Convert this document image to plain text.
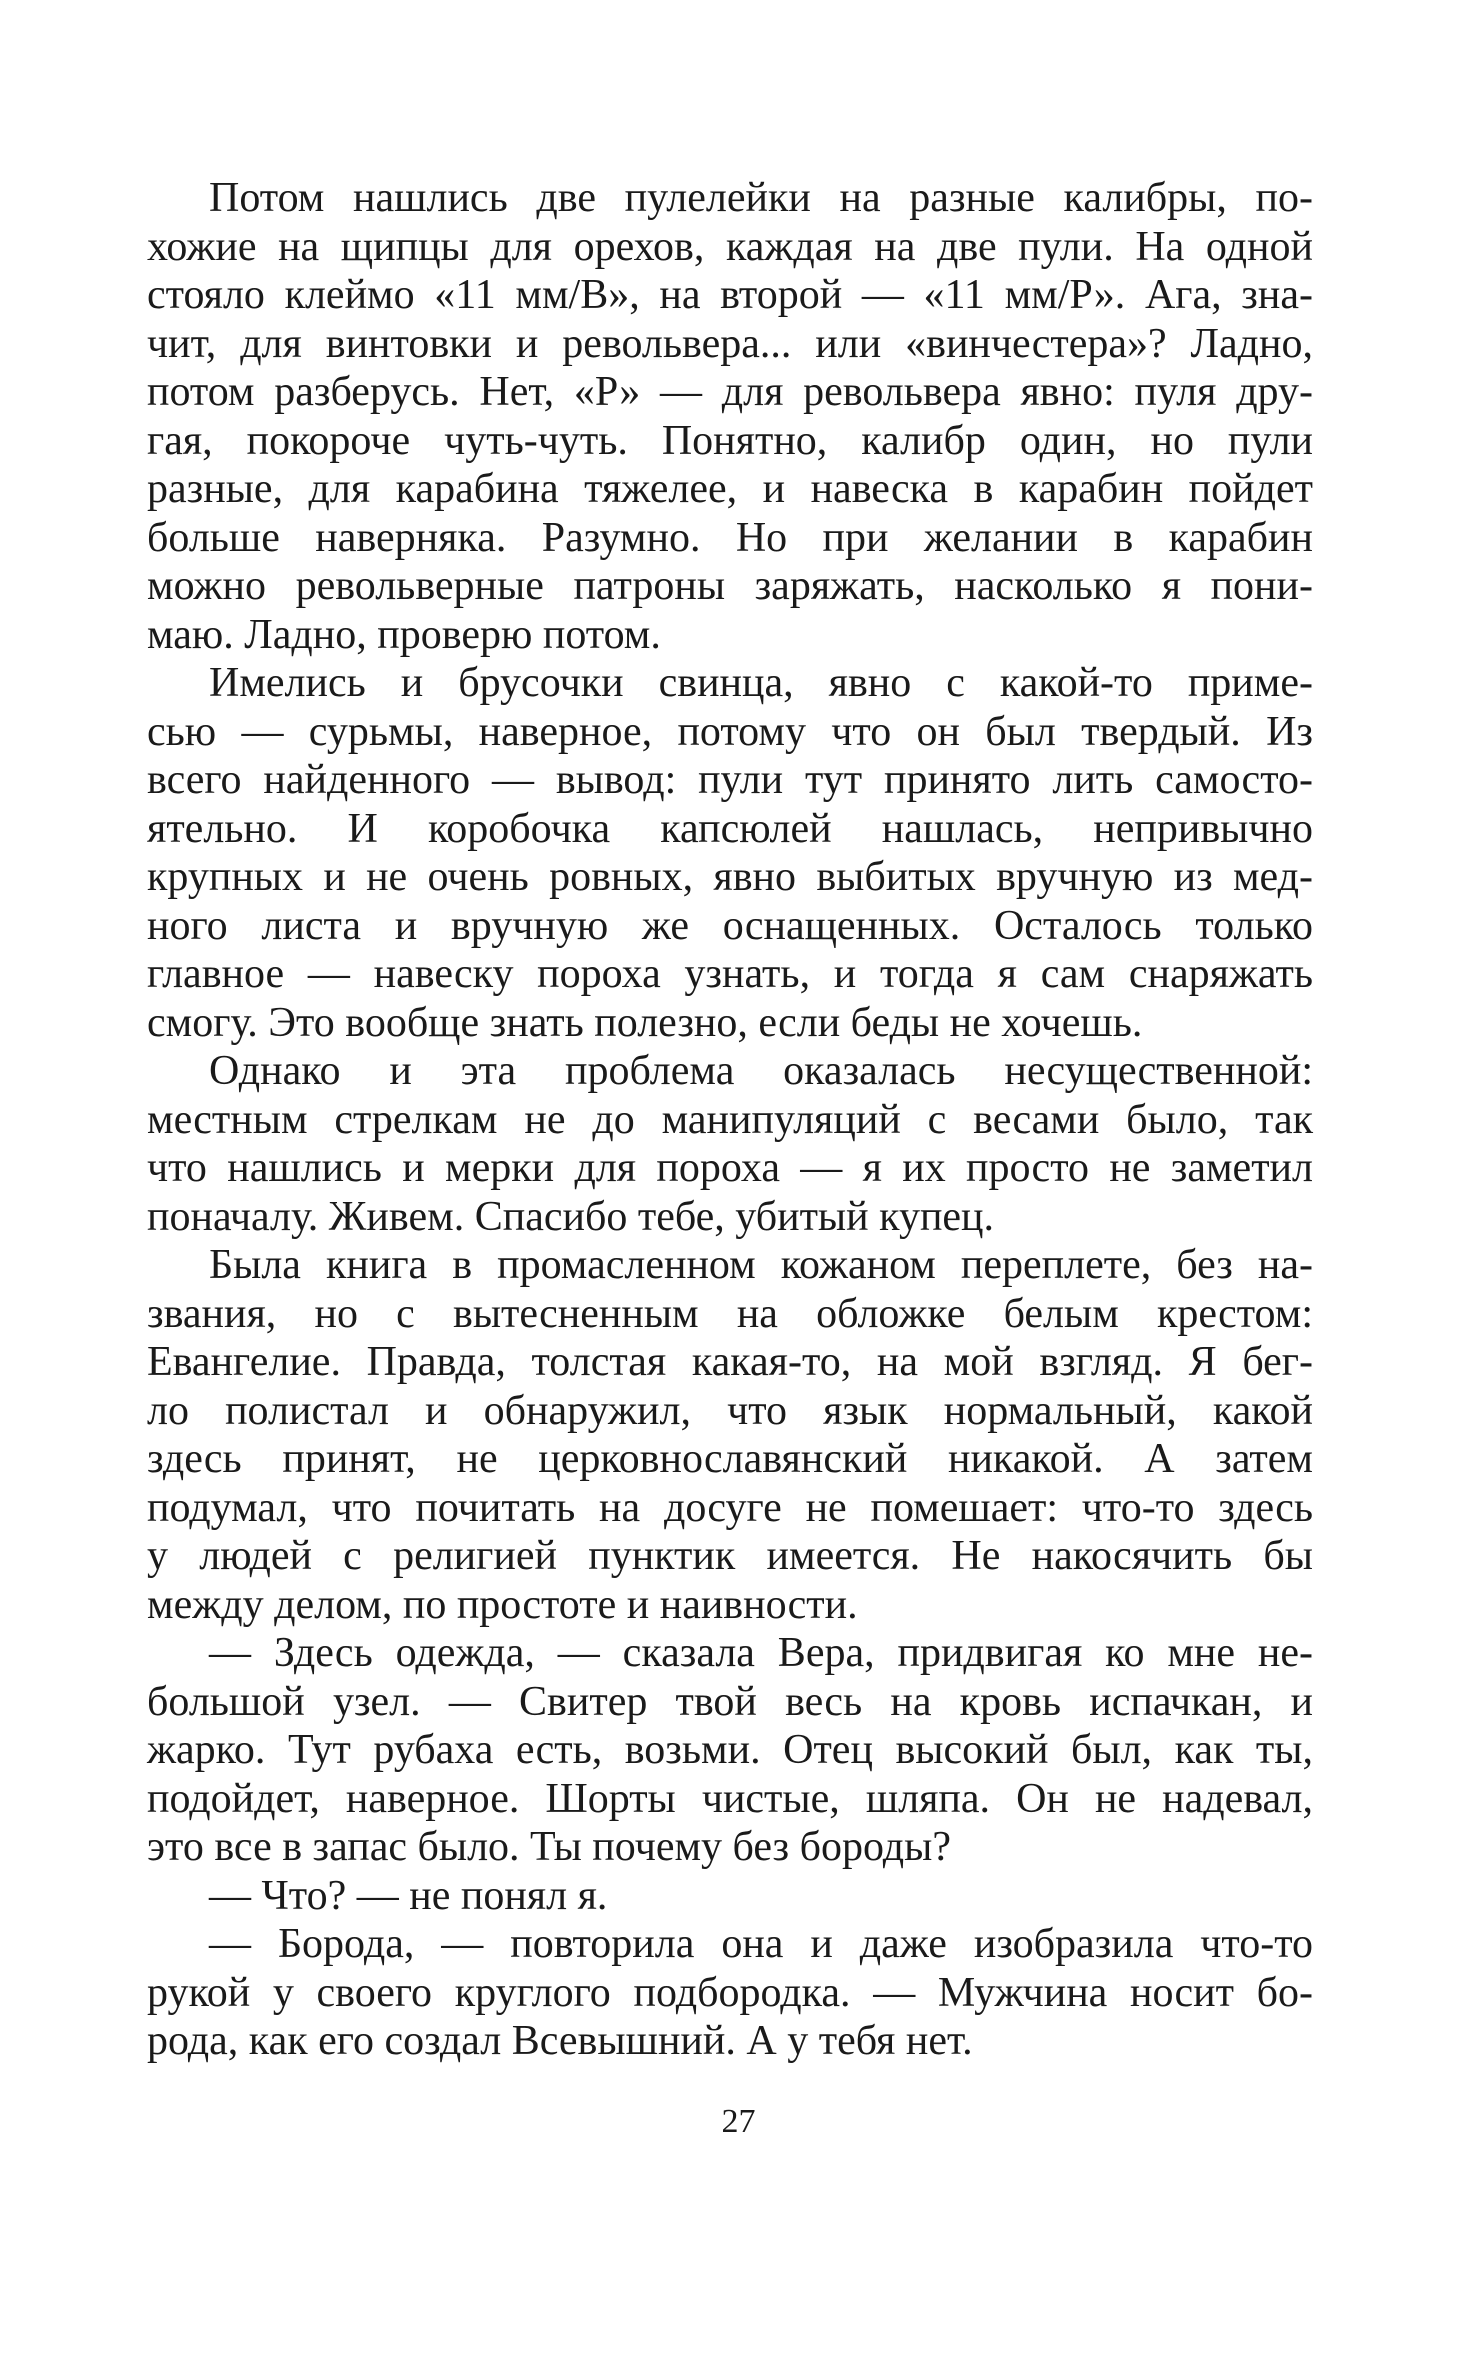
Потом нашлись две пулелейки на разные калибры, по-
хожие на щипцы для орехов, каждая на две пули. На одной
стояло клеймо «11 мм/В», на второй — «11 мм/Р». Ага, зна-
чит, для винтовки и револьвера... или «винчестера»? Ладно,
потом разберусь. Нет, «Р» — для револьвера явно: пуля дру-
гая, покороче чуть-чуть. Понятно, калибр один, но пули
разные, для карабина тяжелее, и навеска в карабин пойдет
больше наверняка. Разумно. Но при желании в карабин
можно револьверные патроны заряжать, насколько я пони-
маю. Ладно, проверю потом.
Имелись и брусочки свинца, явно с какой-то приме-
сью — сурьмы, наверное, потому что он был твердый. Из
всего найденного — вывод: пули тут принято лить самосто-
ятельно. И коробочка капсюлей нашлась, непривычно
крупных и не очень ровных, явно выбитых вручную из мед-
ного листа и вручную же оснащенных. Осталось только
главное — навеску пороха узнать, и тогда я сам снаряжать
смогу. Это вообще знать полезно, если беды не хочешь.
Однако и эта проблема оказалась несущественной:
местным стрелкам не до манипуляций с весами было, так
что нашлись и мерки для пороха — я их просто не заметил
поначалу. Живем. Спасибо тебе, убитый купец.
Была книга в промасленном кожаном переплете, без на-
звания, но с вытесненным на обложке белым крестом:
Евангелие. Правда, толстая какая-то, на мой взгляд. Я бег-
ло полистал и обнаружил, что язык нормальный, какой
здесь принят, не церковнославянский никакой. А затем
подумал, что почитать на досуге не помешает: что-то здесь
у людей с религией пунктик имеется. Не накосячить бы
между делом, по простоте и наивности.
— Здесь одежда, — сказала Вера, придвигая ко мне не-
большой узел. — Свитер твой весь на кровь испачкан, и
жарко. Тут рубаха есть, возьми. Отец высокий был, как ты,
подойдет, наверное. Шорты чистые, шляпа. Он не надевал,
это все в запас было. Ты почему без бороды?
— Что? — не понял я.
— Борода, — повторила она и даже изобразила что-то
рукой у своего круглого подбородка. — Мужчина носит бо-
рода, как его создал Всевышний. А у тебя нет.
27
